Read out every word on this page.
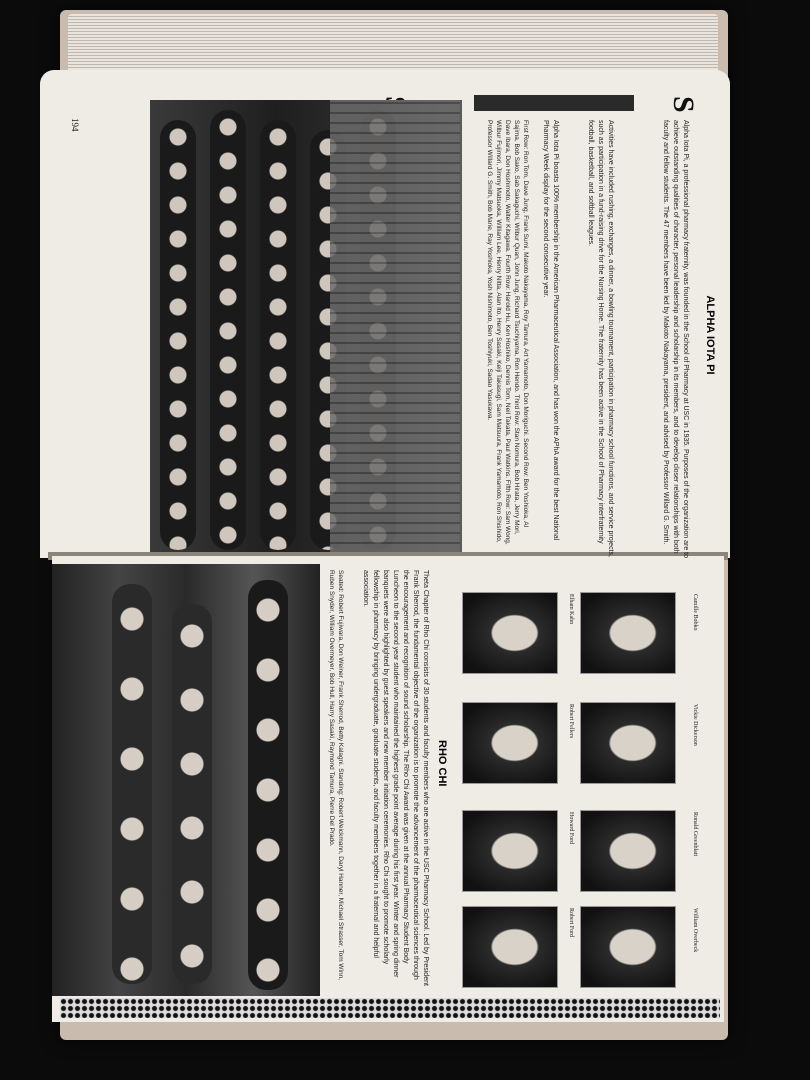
194
S
ALPHA IOTA PI

Alpha Iota Pi, a professional pharmacy fraternity, was founded in the School of Pharmacy at USC in 1935. Purposes of the organization are to achieve outstanding qualities of character, personal leadership and scholarship in its members, and to develop closer relationships with both faculty and fellow students. The 47 members have been led by Makoto Nakayama, president, and advised by Professor Willard G. Smith.

Activities have included rushing, exchanges, a dinner, a bowling tournament, participation in pharmacy school functions, and service projects, such as participation in a fund-raising drive for the Nursing Home. The fraternity has been active in the School of Pharmacy interfraternity football, basketball, and softball leagues.

Alpha Iota Pi boasts 100% membership in the American Pharmaceutical Association, and has won the APhA award for the best National Pharmacy Week display for the second consecutive year.

First Row: Ron Tom, Dave Jung, Frank Sumi, Makoto Nakayama, Roy Tamura, Art Yamamoto, Don Moriguchi. Second Row: Ben Yoshioka, Al Sajima, Bob Sako, Sab Sakaguchi, Wilbur Quan, John Jung, Richard Tsuchiyama, Ron Hendo. Third Row: Stan Nomura, Bob Hirata, Jerry Mori, Dave Ibara, Don Hoshimoto, Walter Kitagawa. Fourth Row: Harold Hu, Ken Hoshiko, Dennis Tom, Neil Takata, Paul Watkins. Fifth Row: Sam Wong, Wilbur Fujimori, Jimmy Matsuoka, William Lee, Henry Nitta, Alan Ito, Henry Sasaki, Keiji Takasugi, Sam Matsuura, Frank Yamamoto, Ron Shishido, Professor Willard G. Smith, Bob Marie, Ray Yoshioka, Yosh Nishimoto, Ben Toshiyuki, Sadao Yasukawa.

Camille Bobko
Vickie Dickerson
Ronald Greenblatt
William Overbeck
Elham Kahn
Robert Fellers
Howard Ford
Robert Ford
RHO CHI

Theta Chapter of Rho Chi consists of 30 students and faculty members who are active in the USC Pharmacy School. Led by President Frank Sherrod, the fundamental objective of the organization is to promote the advancement of the pharmaceutical sciences through the encouragement and recognition of sound scholarship. The Rho Chi Award was given at the annual Pharmacy Student Body Luncheon to the second year student who maintained the highest grade point average during his first year. Winter and spring dinner banquets were also highlighted by guest speakers and new member initiation ceremonies. Rho Chi sought to promote scholarly fellowship in pharmacy by bringing undergraduate, graduate students, and faculty members together in a fraternal and helpful association.

Seated: Robert Fujiwara, Don Weiner, Frank Sherrod, Betty Kalagni. Standing: Robert Weickmann, Daryl Hanner, Michael Strasser, Tom Winn, Ruben Snyder, William Overmeyer, Bob Hull, Harry Sasaki, Raymond Tamura, Pierre Del Prado.
